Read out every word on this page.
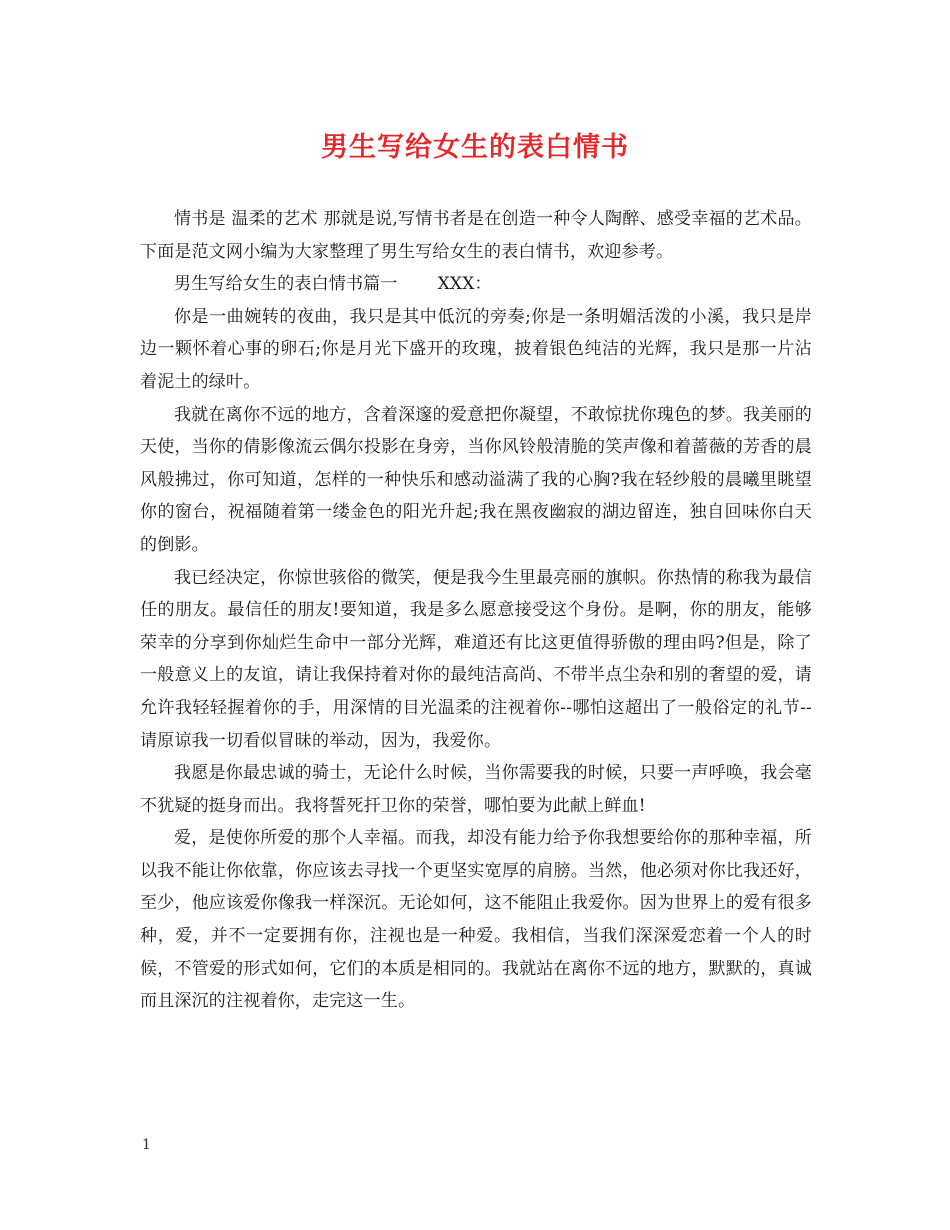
男生写给女生的表白情书

情书是 温柔的艺术 那就是说,写情书者是在创造一种令人陶醉、感受幸福的艺术品。下面是范文网小编为大家整理了男生写给女生的表白情书，欢迎参考。

男生写给女生的表白情书篇一　　 XXX：

你是一曲婉转的夜曲，我只是其中低沉的旁奏;你是一条明媚活泼的小溪，我只是岸边一颗怀着心事的卵石;你是月光下盛开的玫瑰，披着银色纯洁的光辉，我只是那一片沾着泥土的绿叶。

我就在离你不远的地方，含着深邃的爱意把你凝望，不敢惊扰你瑰色的梦。我美丽的天使，当你的倩影像流云偶尔投影在身旁，当你风铃般清脆的笑声像和着蔷薇的芳香的晨风般拂过，你可知道，怎样的一种快乐和感动溢满了我的心胸?我在轻纱般的晨曦里眺望你的窗台，祝福随着第一缕金色的阳光升起;我在黑夜幽寂的湖边留连，独自回味你白天的倒影。

我已经决定，你惊世骇俗的微笑，便是我今生里最亮丽的旗帜。你热情的称我为最信任的朋友。最信任的朋友!要知道，我是多么愿意接受这个身份。是啊，你的朋友，能够荣幸的分享到你灿烂生命中一部分光辉，难道还有比这更值得骄傲的理由吗?但是，除了一般意义上的友谊，请让我保持着对你的最纯洁高尚、不带半点尘杂和别的奢望的爱，请允许我轻轻握着你的手，用深情的目光温柔的注视着你--哪怕这超出了一般俗定的礼节--请原谅我一切看似冒昧的举动，因为，我爱你。

我愿是你最忠诚的骑士，无论什么时候，当你需要我的时候，只要一声呼唤，我会毫不犹疑的挺身而出。我将誓死扞卫你的荣誉，哪怕要为此献上鲜血!

爱，是使你所爱的那个人幸福。而我，却没有能力给予你我想要给你的那种幸福，所以我不能让你依靠，你应该去寻找一个更坚实宽厚的肩膀。当然，他必须对你比我还好，至少，他应该爱你像我一样深沉。无论如何，这不能阻止我爱你。因为世界上的爱有很多种，爱，并不一定要拥有你，注视也是一种爱。我相信，当我们深深爱恋着一个人的时候，不管爱的形式如何，它们的本质是相同的。我就站在离你不远的地方，默默的，真诚而且深沉的注视着你，走完这一生。

1
